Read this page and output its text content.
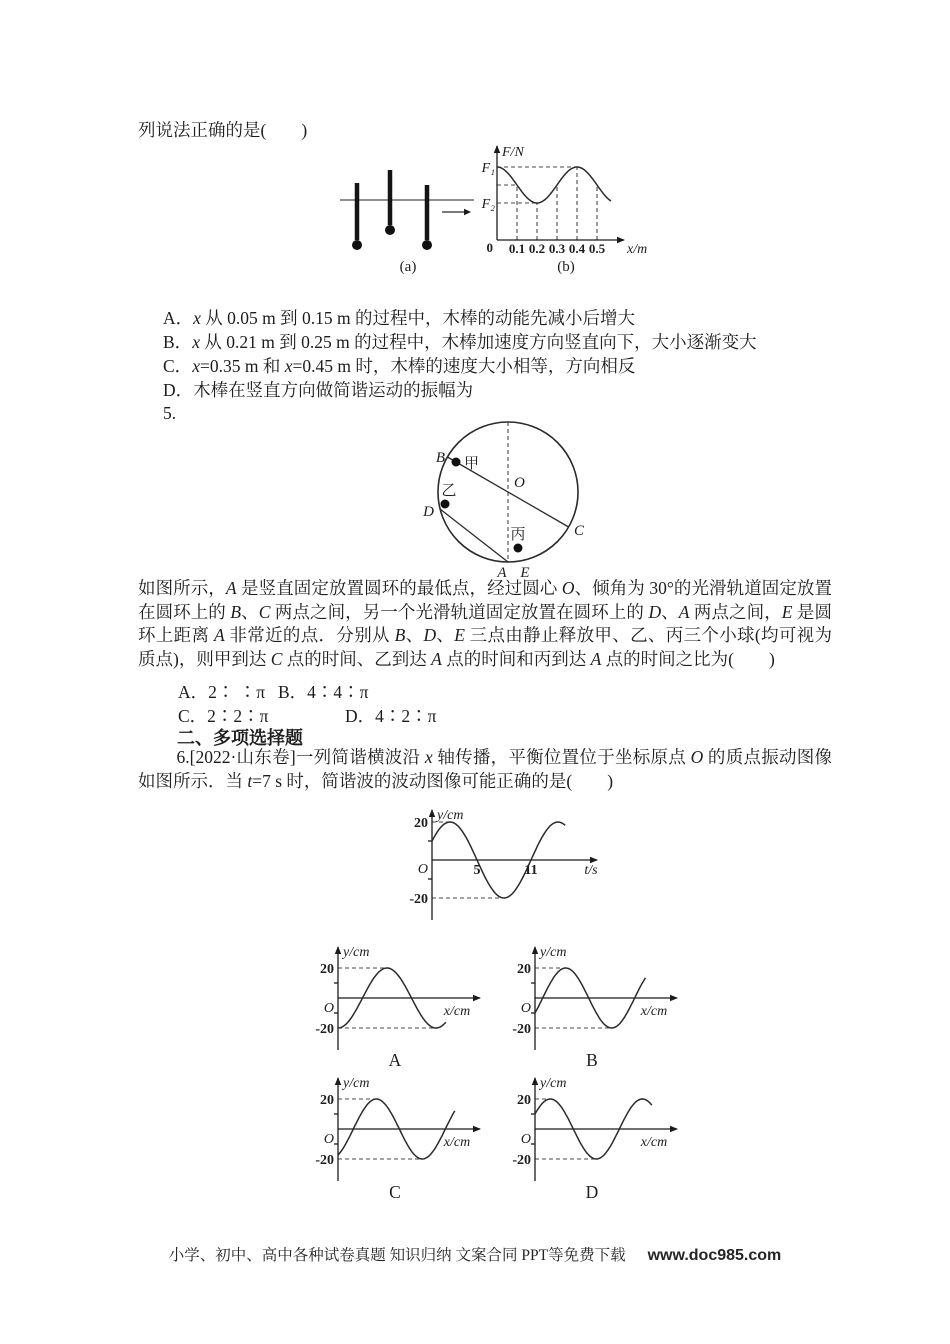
列说法正确的是(　　)
(a)
F/N
F₁
F₂
0 0.1 0.2 0.3 0.4 0.5 x/m
(b)
A．x 从 0.05 m 到 0.15 m 的过程中，木棒的动能先减小后增大
B．x 从 0.21 m 到 0.25 m 的过程中，木棒加速度方向竖直向下，大小逐渐变大
C．x=0.35 m 和 x=0.45 m 时，木棒的速度大小相等，方向相反
D．木棒在竖直方向做简谐运动的振幅为
5.
B 甲
乙
D
O
C
丙
A E
如图所示，A 是竖直固定放置圆环的最低点，经过圆心 O、倾角为 30°的光滑轨道固定放置在圆环上的 B、C 两点之间，另一个光滑轨道固定放置在圆环上的 D、A 两点之间，E 是圆环上距离 A 非常近的点．分别从 B、D、E 三点由静止释放甲、乙、丙三个小球(均可视为质点)，则甲到达 C 点的时间、乙到达 A 点的时间和丙到达 A 点的时间之比为(　　)
A．2∶ ∶π B．4∶4∶π
C．2∶2∶π	D．4∶2∶π
二、多项选择题
6.[2022·山东卷]一列简谐横波沿 x 轴传播，平衡位置位于坐标原点 O 的质点振动图像如图所示．当 t=7 s 时，简谐波的波动图像可能正确的是(　　)
y/cm
20
-20
O	5	11	t/s
y/cm
20
-20
O	x/cm
A
y/cm
20
-20
O	x/cm
B
y/cm
20
-20
O	x/cm
C
y/cm
20
-20
O	x/cm
D
小学、初中、高中各种试卷真题 知识归纳 文案合同 PPT等免费下载 www.doc985.com
